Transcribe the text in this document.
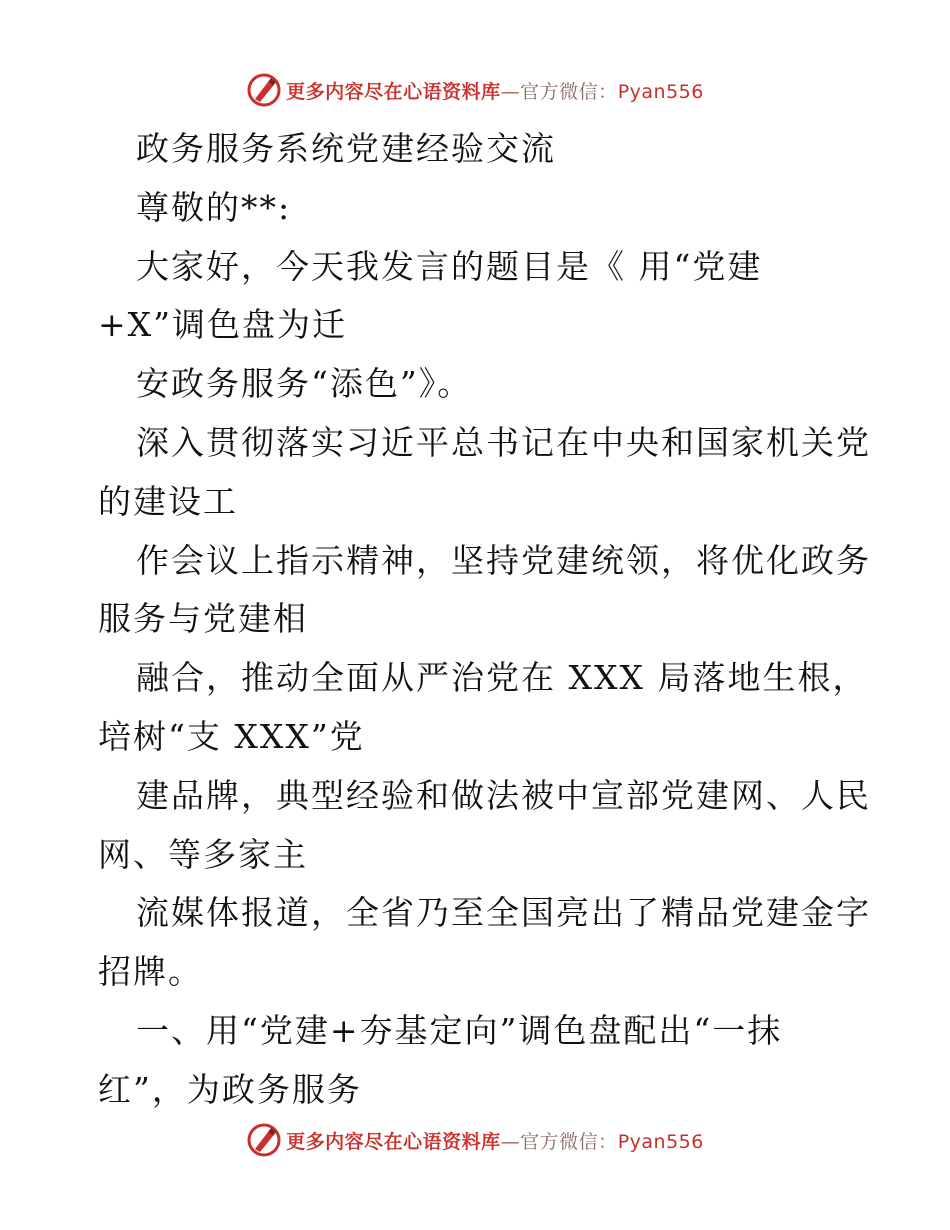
更多内容尽在心语资料库—官方微信：Pyan556
政务服务系统党建经验交流
尊敬的**:
大家好，今天我发言的题目是《 用“党建
+X”调色盘为迁
安政务服务“添色”》。
深入贯彻落实习近平总书记在中央和国家机关党
的建设工
作会议上指示精神，坚持党建统领，将优化政务
服务与党建相
融合，推动全面从严治党在 XXX 局落地生根，
培树“支 XXX”党
建品牌，典型经验和做法被中宣部党建网、人民
网、等多家主
流媒体报道，全省乃至全国亮出了精品党建金字
招牌。
一、用“党建+夯基定向”调色盘配出“一抹
红”，为政务服务
更多内容尽在心语资料库—官方微信：Pyan556
